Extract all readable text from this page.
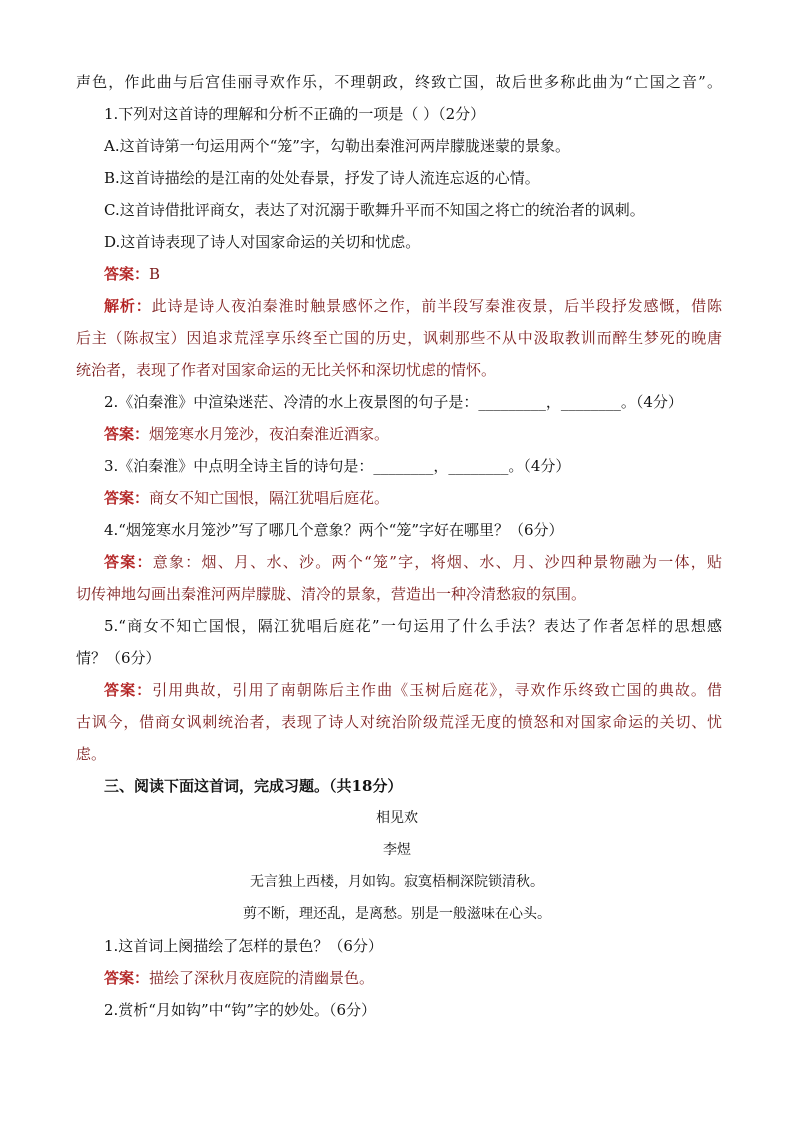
声色，作此曲与后宫佳丽寻欢作乐，不理朝政，终致亡国，故后世多称此曲为“亡国之音”。

1.下列对这首诗的理解和分析不正确的一项是（ ）（2分）

A.这首诗第一句运用两个“笼”字，勾勒出秦淮河两岸朦胧迷蒙的景象。

B.这首诗描绘的是江南的处处春景，抒发了诗人流连忘返的心情。

C.这首诗借批评商女，表达了对沉溺于歌舞升平而不知国之将亡的统治者的讽刺。

D.这首诗表现了诗人对国家命运的关切和忧虑。

答案：B

解析：此诗是诗人夜泊秦淮时触景感怀之作，前半段写秦淮夜景，后半段抒发感慨，借陈

后主（陈叔宝）因追求荒淫享乐终至亡国的历史，讽刺那些不从中汲取教训而醉生梦死的晚唐

统治者，表现了作者对国家命运的无比关怀和深切忧虑的情怀。

2.《泊秦淮》中渲染迷茫、冷清的水上夜景图的句子是：_________，________。（4分）

答案：烟笼寒水月笼沙，夜泊秦淮近酒家。

3.《泊秦淮》中点明全诗主旨的诗句是：________，________。（4分）

答案：商女不知亡国恨，隔江犹唱后庭花。

4.“烟笼寒水月笼沙”写了哪几个意象？两个“笼”字好在哪里？（6分）

答案：意象：烟、月、水、沙。两个“笼”字，将烟、水、月、沙四种景物融为一体，贴

切传神地勾画出秦淮河两岸朦胧、清冷的景象，营造出一种冷清愁寂的氛围。

5.“商女不知亡国恨，隔江犹唱后庭花”一句运用了什么手法？表达了作者怎样的思想感

情？（6分）

答案：引用典故，引用了南朝陈后主作曲《玉树后庭花》，寻欢作乐终致亡国的典故。借

古讽今，借商女讽刺统治者，表现了诗人对统治阶级荒淫无度的愤怒和对国家命运的关切、忧

虑。

三、阅读下面这首词，完成习题。（共18分）

相见欢

李煜

无言独上西楼，月如钩。寂寞梧桐深院锁清秋。

剪不断，理还乱，是离愁。别是一般滋味在心头。

1.这首词上阕描绘了怎样的景色？（6分）

答案：描绘了深秋月夜庭院的清幽景色。

2.赏析“月如钩”中“钩”字的妙处。（6分）
